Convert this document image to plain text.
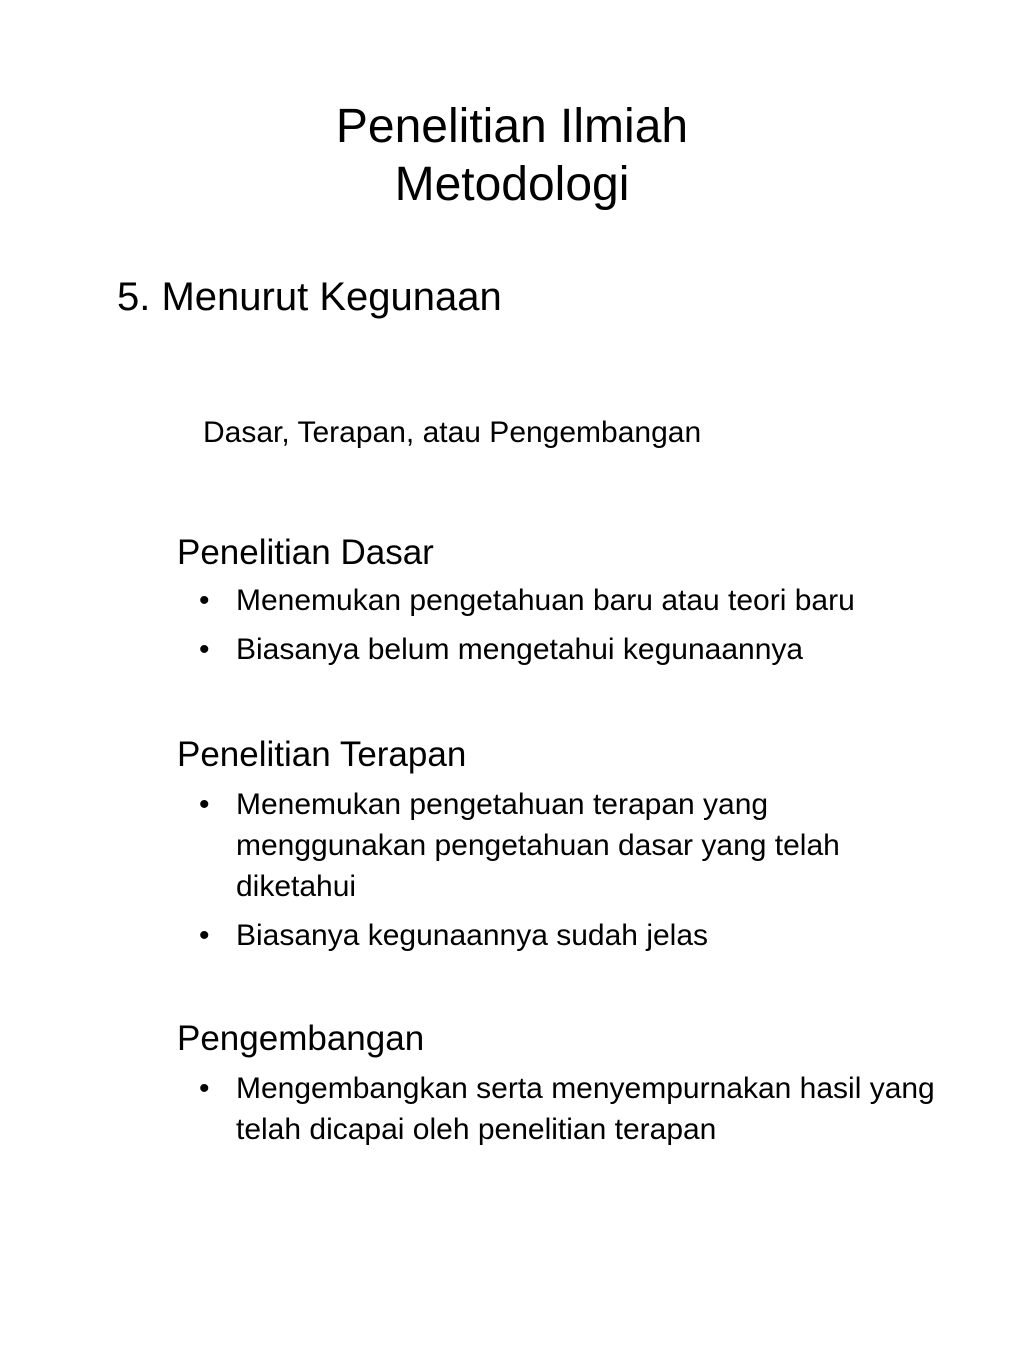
Penelitian Ilmiah
Metodologi
5. Menurut Kegunaan
Dasar, Terapan, atau Pengembangan
Penelitian Dasar
• Menemukan pengetahuan baru atau teori baru
• Biasanya belum mengetahui kegunaannya
Penelitian Terapan
• Menemukan pengetahuan terapan yang menggunakan pengetahuan dasar yang telah diketahui
• Biasanya kegunaannya sudah jelas
Pengembangan
• Mengembangkan serta menyempurnakan hasil yang telah dicapai oleh penelitian terapan
